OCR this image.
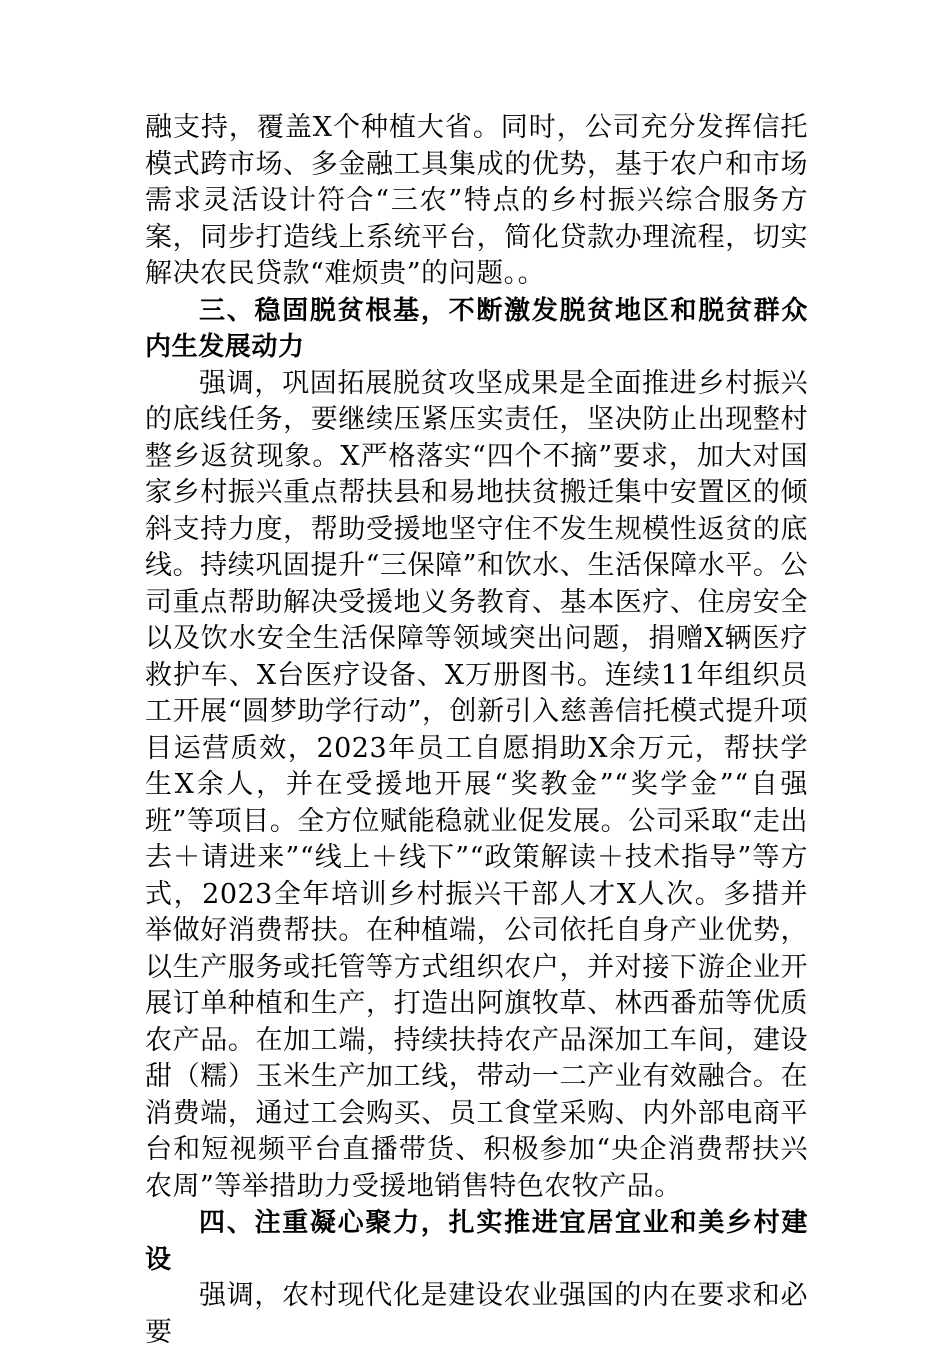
融支持，覆盖X个种植大省。同时，公司充分发挥信托模式跨市场、多金融工具集成的优势，基于农户和市场需求灵活设计符合“三农”特点的乡村振兴综合服务方案，同步打造线上系统平台，简化贷款办理流程，切实解决农民贷款“难烦贵”的问题。。

三、稳固脱贫根基，不断激发脱贫地区和脱贫群众内生发展动力

强调，巩固拓展脱贫攻坚成果是全面推进乡村振兴的底线任务，要继续压紧压实责任，坚决防止出现整村整乡返贫现象。X严格落实“四个不摘”要求，加大对国家乡村振兴重点帮扶县和易地扶贫搬迁集中安置区的倾斜支持力度，帮助受援地坚守住不发生规模性返贫的底线。持续巩固提升“三保障”和饮水、生活保障水平。公司重点帮助解决受援地义务教育、基本医疗、住房安全以及饮水安全生活保障等领域突出问题，捐赠X辆医疗救护车、X台医疗设备、X万册图书。连续11年组织员工开展“圆梦助学行动”，创新引入慈善信托模式提升项目运营质效，2023年员工自愿捐助X余万元，帮扶学生X余人，并在受援地开展“奖教金”“奖学金”“自强班”等项目。全方位赋能稳就业促发展。公司采取“走出去＋请进来”“线上＋线下”“政策解读＋技术指导”等方式，2023全年培训乡村振兴干部人才X人次。多措并举做好消费帮扶。在种植端，公司依托自身产业优势，以生产服务或托管等方式组织农户，并对接下游企业开展订单种植和生产，打造出阿旗牧草、林西番茄等优质农产品。在加工端，持续扶持农产品深加工车间，建设甜（糯）玉米生产加工线，带动一二产业有效融合。在消费端，通过工会购买、员工食堂采购、内外部电商平台和短视频平台直播带货、积极参加“央企消费帮扶兴农周”等举措助力受援地销售特色农牧产品。

四、注重凝心聚力，扎实推进宜居宜业和美乡村建设

强调，农村现代化是建设农业强国的内在要求和必要
